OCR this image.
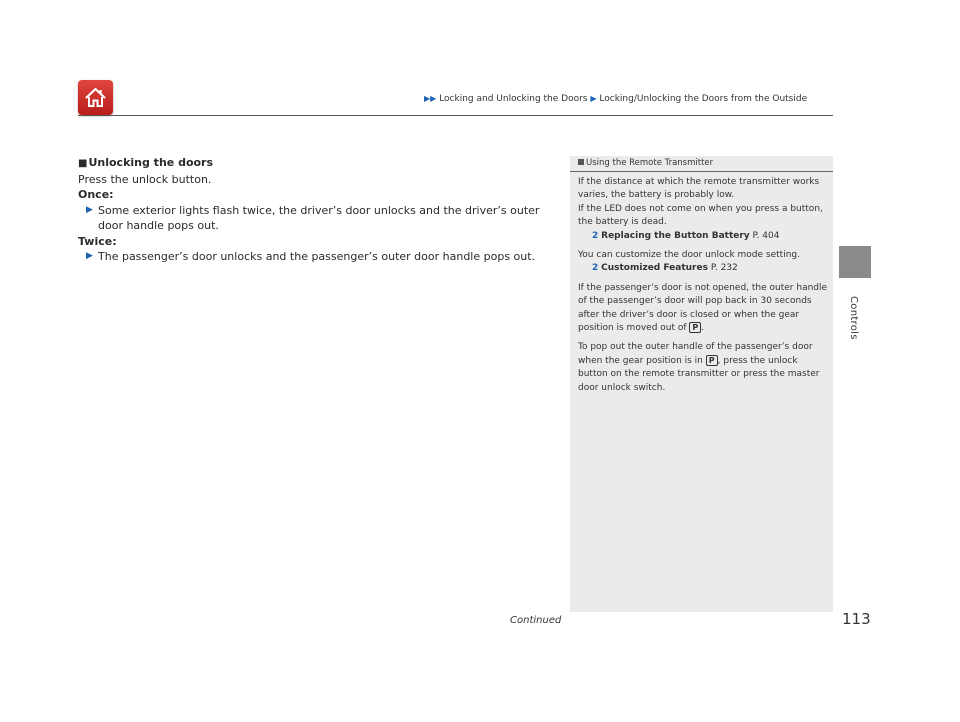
▶▶ Locking and Unlocking the Doors ▶ Locking/Unlocking the Doors from the Outside
Controls
■Unlocking the doors
Press the unlock button.
Once:
▶ Some exterior lights flash twice, the driver’s door unlocks and the driver’s outer door handle pops out.
Twice:
▶ The passenger’s door unlocks and the passenger’s outer door handle pops out.
Using the Remote Transmitter

If the distance at which the remote transmitter works varies, the battery is probably low.

If the LED does not come on when you press a button, the battery is dead.

2 Replacing the Button Battery P. 404

You can customize the door unlock mode setting.

2 Customized Features P. 232

If the passenger’s door is not opened, the outer handle of the passenger’s door will pop back in 30 seconds after the driver’s door is closed or when the gear position is moved out of P .

To pop out the outer handle of the passenger’s door when the gear position is in P , press the unlock button on the remote transmitter or press the master door unlock switch.

Continued	113
